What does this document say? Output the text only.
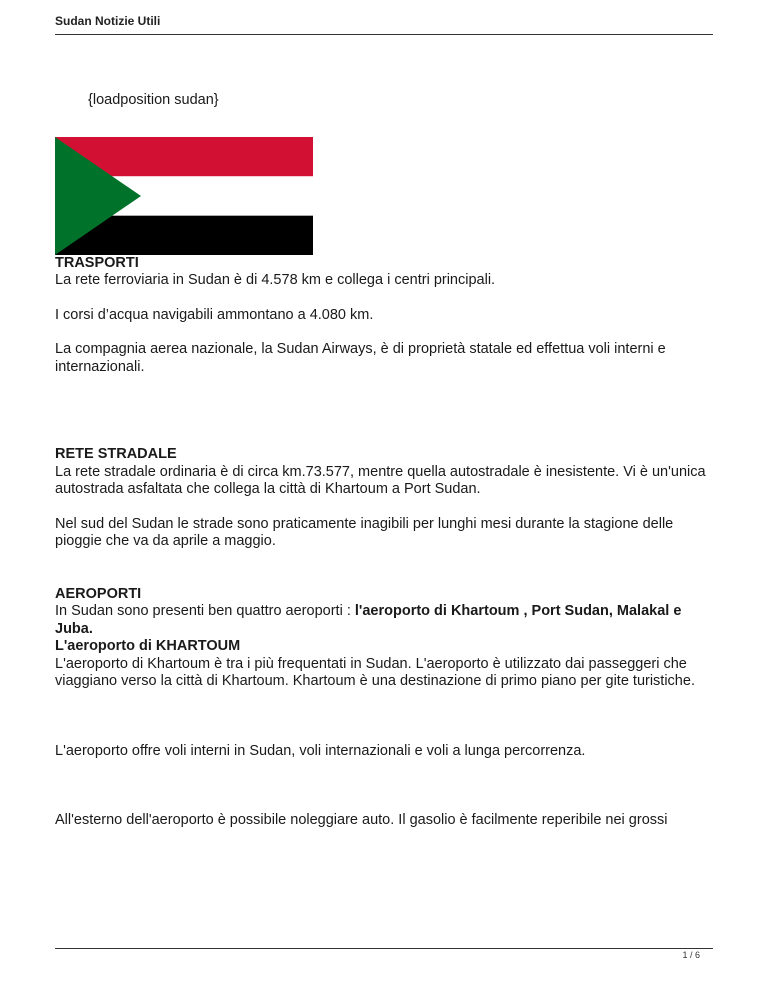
Sudan Notizie Utili
{loadposition sudan}
TRASPORTI

La rete ferroviaria in Sudan è di 4.578 km e collega i centri principali.

I corsi d’acqua navigabili ammontano a 4.080 km.

La compagnia aerea nazionale, la Sudan Airways, è di proprietà statale ed effettua voli interni e internazionali.

RETE STRADALE

La rete stradale ordinaria è di circa km.73.577, mentre quella autostradale è inesistente. Vi è un'unica autostrada asfaltata che collega la città di Khartoum a Port Sudan.

Nel sud del Sudan le strade sono praticamente inagibili per lunghi mesi durante la stagione delle pioggie che va da aprile a maggio.

AEROPORTI

In Sudan sono presenti ben quattro aeroporti : l'aeroporto di Khartoum , Port Sudan, Malakal e Juba.

L'aeroporto di KHARTOUM

L'aeroporto di Khartoum è tra i più frequentati in Sudan. L'aeroporto è utilizzato dai passeggeri che viaggiano verso la città di Khartoum. Khartoum è una destinazione di primo piano per gite turistiche.

L'aeroporto offre voli interni in Sudan, voli internazionali e voli a lunga percorrenza.

All'esterno dell'aeroporto è possibile noleggiare auto. Il gasolio è facilmente reperibile nei grossi

1 / 6
